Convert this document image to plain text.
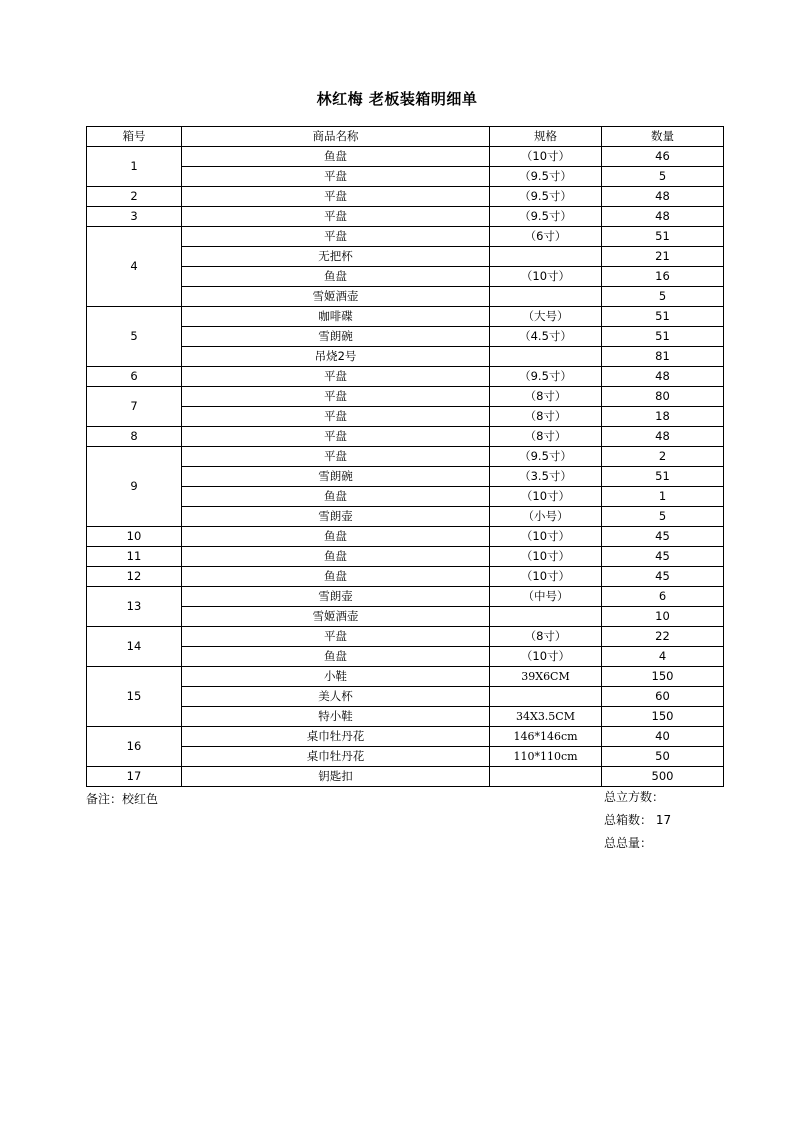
林红梅 老板装箱明细单
箱号	商品名称	规格	数量
1	鱼盘	（10寸）	46
	平盘	（9.5寸）	5
2	平盘	（9.5寸）	48
3	平盘	（9.5寸）	48
4	平盘	（6寸）	51
	无把杯		21
	鱼盘	（10寸）	16
	雪姬酒壶		5
5	咖啡碟	（大号）	51
	雪朗碗	（4.5寸）	51
	吊烧2号		81
6	平盘	（9.5寸）	48
7	平盘	（8寸）	80
	平盘	（8寸）	18
8	平盘	（8寸）	48
9	平盘	（9.5寸）	2
	雪朗碗	（3.5寸）	51
	鱼盘	（10寸）	1
	雪朗壶	（小号）	5
10	鱼盘	（10寸）	45
11	鱼盘	（10寸）	45
12	鱼盘	（10寸）	45
13	雪朗壶	（中号）	6
	雪姬酒壶		10
14	平盘	（8寸）	22
	鱼盘	（10寸）	4
15	小鞋	39X6CM	150
	美人杯		60
	特小鞋	34X3.5CM	150
16	桌巾牡丹花	146*146cm	40
	桌巾牡丹花	110*110cm	50
17	钥匙扣		500
备注：校红色	总立方数：
总箱数： 17
总总量：
